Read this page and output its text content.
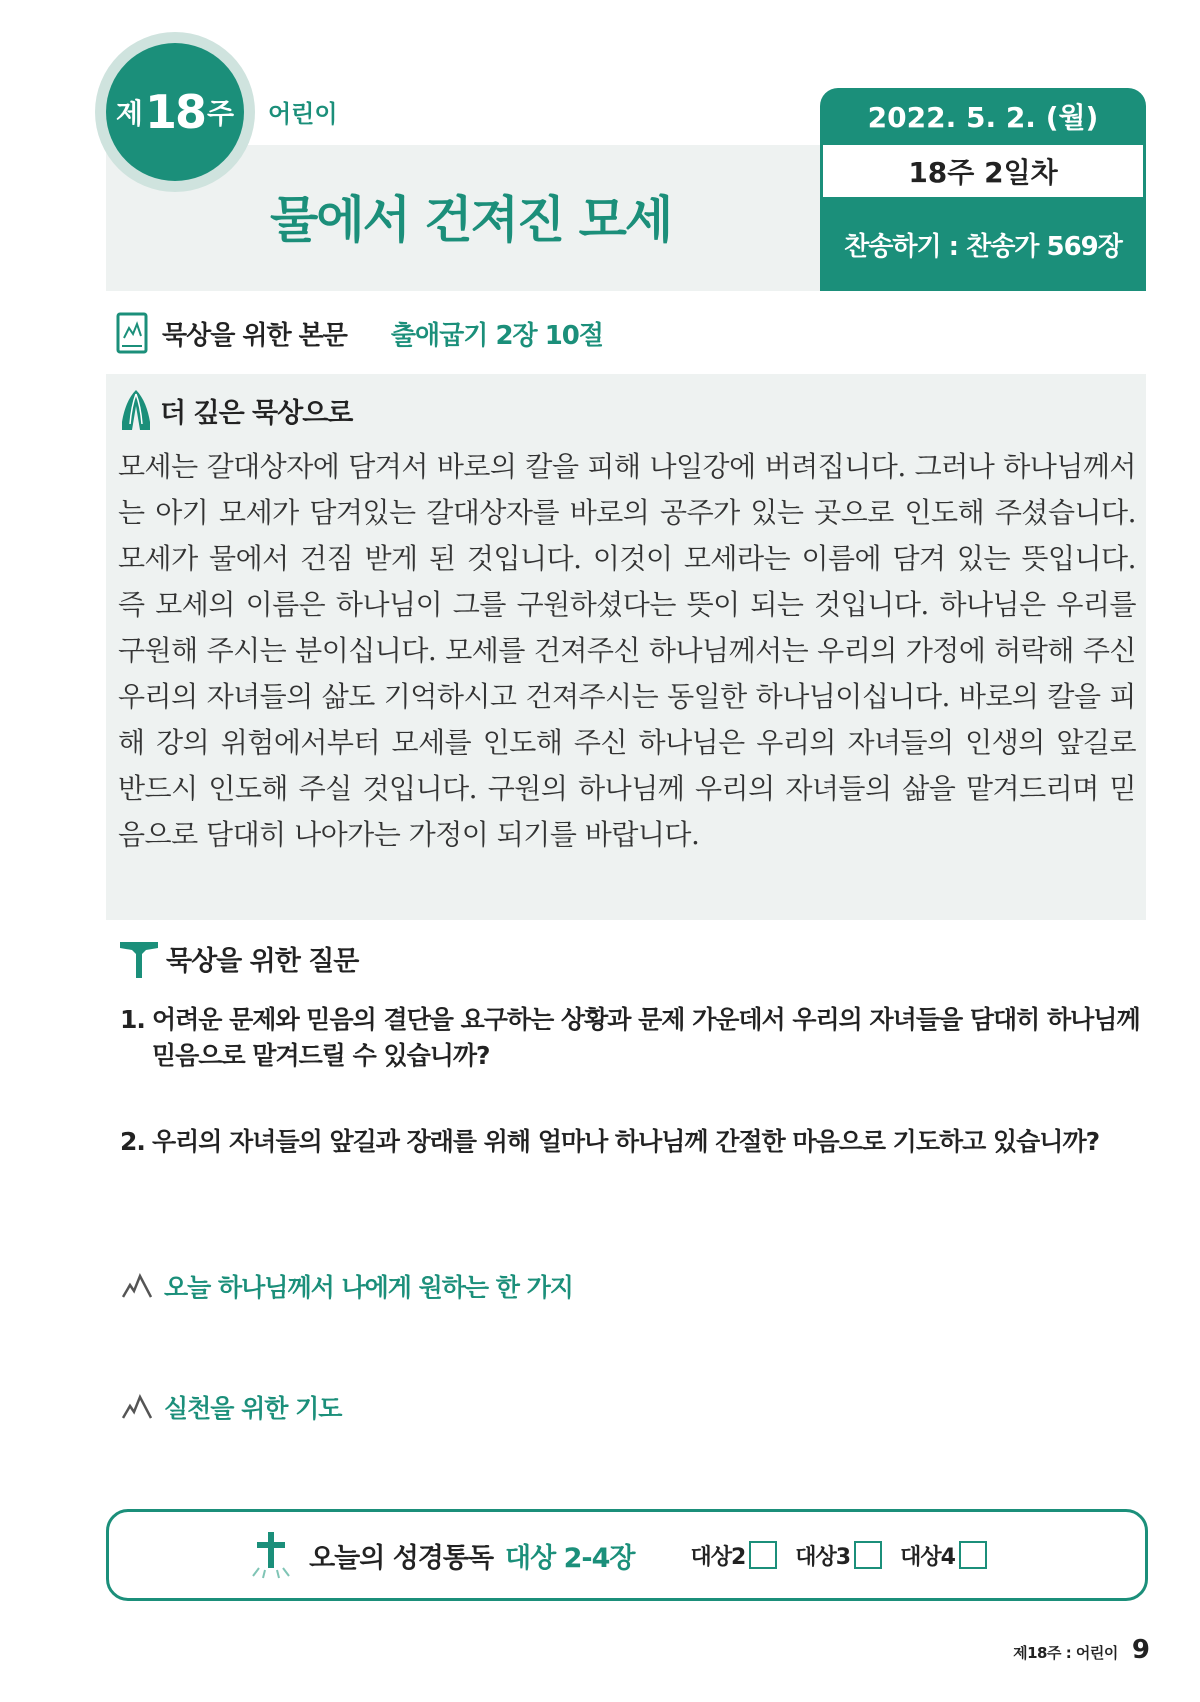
제 18 주 어린이
물에서 건져진 모세
2022. 5. 2. (월)
18주 2일차
찬송하기 : 찬송가 569장
묵상을 위한 본문 출애굽기 2장 10절
더 깊은 묵상으로
모세는 갈대상자에 담겨서 바로의 칼을 피해 나일강에 버려집니다. 그러나 하나님께서는 아기 모세가 담겨있는 갈대상자를 바로의 공주가 있는 곳으로 인도해 주셨습니다. 모세가 물에서 건짐 받게 된 것입니다. 이것이 모세라는 이름에 담겨 있는 뜻입니다. 즉 모세의 이름은 하나님이 그를 구원하셨다는 뜻이 되는 것입니다. 하나님은 우리를 구원해 주시는 분이십니다. 모세를 건져주신 하나님께서는 우리의 가정에 허락해 주신 우리의 자녀들의 삶도 기억하시고 건져주시는 동일한 하나님이십니다. 바로의 칼을 피해 강의 위험에서부터 모세를 인도해 주신 하나님은 우리의 자녀들의 인생의 앞길로 반드시 인도해 주실 것입니다. 구원의 하나님께 우리의 자녀들의 삶을 맡겨드리며 믿음으로 담대히 나아가는 가정이 되기를 바랍니다.
묵상을 위한 질문
1. 어려운 문제와 믿음의 결단을 요구하는 상황과 문제 가운데서 우리의 자녀들을 담대히 하나님께 믿음으로 맡겨드릴 수 있습니까?
2. 우리의 자녀들의 앞길과 장래를 위해 얼마나 하나님께 간절한 마음으로 기도하고 있습니까?
오늘 하나님께서 나에게 원하는 한 가지
실천을 위한 기도
오늘의 성경통독 대상 2-4장	대상2 대상3 대상4
제18주 : 어린이 9
